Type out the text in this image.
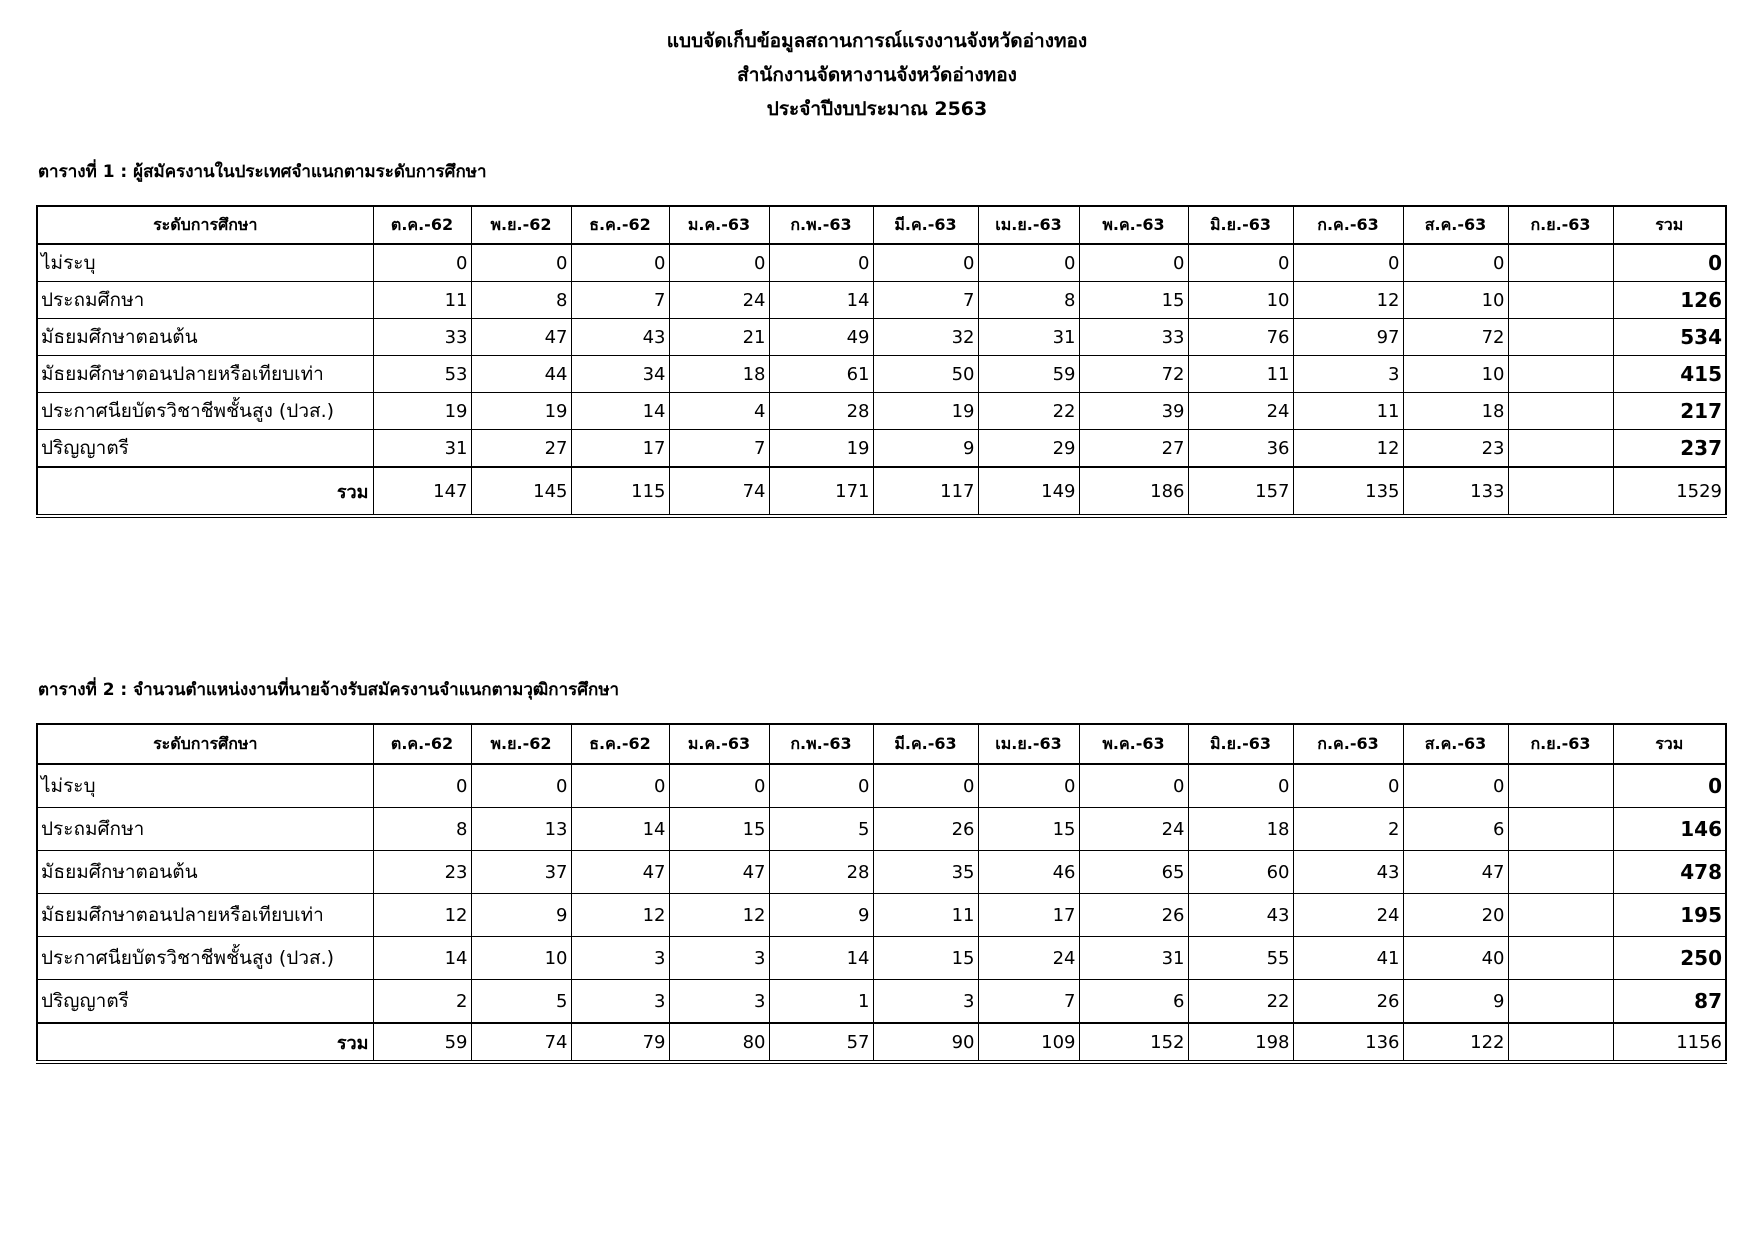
แบบจัดเก็บข้อมูลสถานการณ์แรงงานจังหวัดอ่างทอง
สำนักงานจัดหางานจังหวัดอ่างทอง
ประจำปีงบประมาณ 2563
ตารางที่ 1 : ผู้สมัครงานในประเทศจำแนกตามระดับการศึกษา
ระดับการศึกษา	ต.ค.-62	พ.ย.-62	ธ.ค.-62	ม.ค.-63	ก.พ.-63	มี.ค.-63	เม.ย.-63	พ.ค.-63	มิ.ย.-63	ก.ค.-63	ส.ค.-63	ก.ย.-63	รวม
ไม่ระบุ	0	0	0	0	0	0	0	0	0	0	0		0
ประถมศึกษา	11	8	7	24	14	7	8	15	10	12	10		126
มัธยมศึกษาตอนต้น	33	47	43	21	49	32	31	33	76	97	72		534
มัธยมศึกษาตอนปลายหรือเทียบเท่า	53	44	34	18	61	50	59	72	11	3	10		415
ประกาศนียบัตรวิชาชีพชั้นสูง (ปวส.)	19	19	14	4	28	19	22	39	24	11	18		217
ปริญญาตรี	31	27	17	7	19	9	29	27	36	12	23		237
รวม	147	145	115	74	171	117	149	186	157	135	133		1529
ตารางที่ 2 : จำนวนตำแหน่งงานที่นายจ้างรับสมัครงานจำแนกตามวุฒิการศึกษา
ระดับการศึกษา	ต.ค.-62	พ.ย.-62	ธ.ค.-62	ม.ค.-63	ก.พ.-63	มี.ค.-63	เม.ย.-63	พ.ค.-63	มิ.ย.-63	ก.ค.-63	ส.ค.-63	ก.ย.-63	รวม
ไม่ระบุ	0	0	0	0	0	0	0	0	0	0	0		0
ประถมศึกษา	8	13	14	15	5	26	15	24	18	2	6		146
มัธยมศึกษาตอนต้น	23	37	47	47	28	35	46	65	60	43	47		478
มัธยมศึกษาตอนปลายหรือเทียบเท่า	12	9	12	12	9	11	17	26	43	24	20		195
ประกาศนียบัตรวิชาชีพชั้นสูง (ปวส.)	14	10	3	3	14	15	24	31	55	41	40		250
ปริญญาตรี	2	5	3	3	1	3	7	6	22	26	9		87
รวม	59	74	79	80	57	90	109	152	198	136	122		1156
